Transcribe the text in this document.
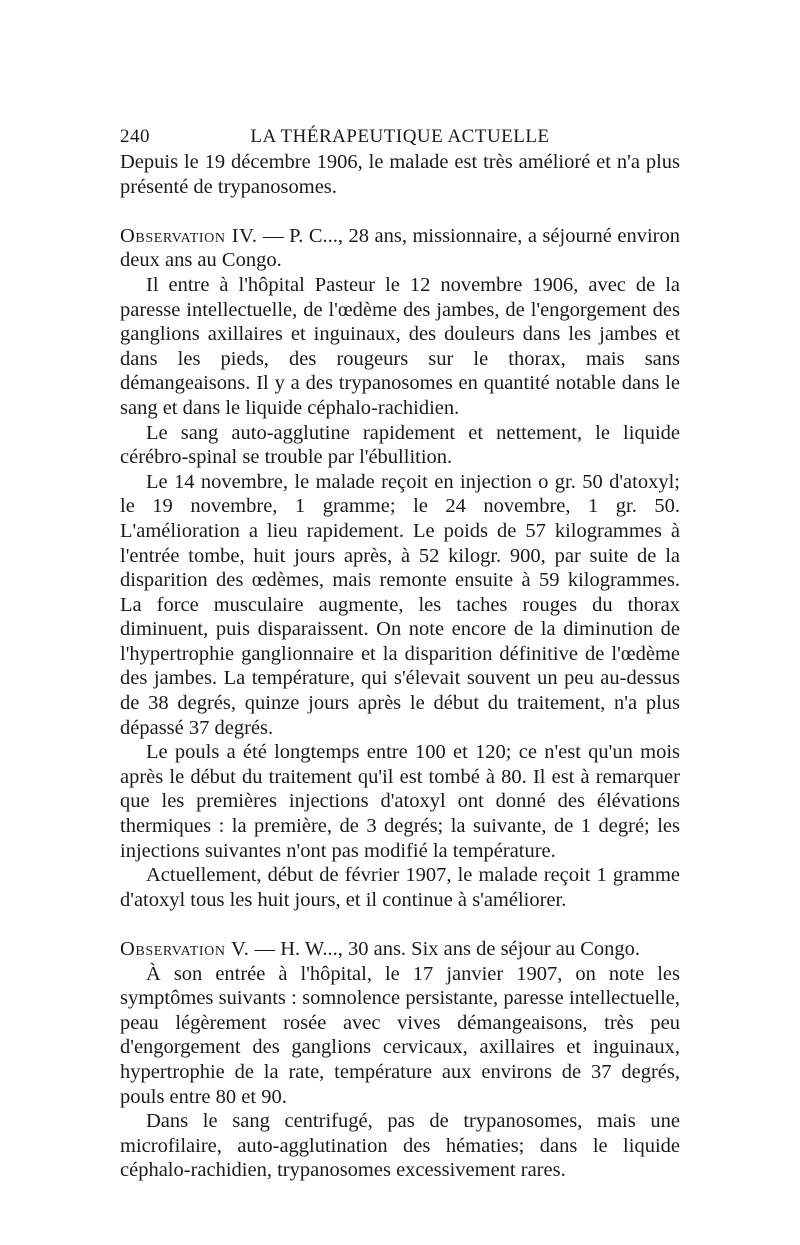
240	LA THÉRAPEUTIQUE ACTUELLE

Depuis le 19 décembre 1906, le malade est très amélioré et n'a plus présenté de trypanosomes.

Observation IV. — P. C..., 28 ans, missionnaire, a séjourné environ deux ans au Congo.

Il entre à l'hôpital Pasteur le 12 novembre 1906, avec de la paresse intellectuelle, de l'œdème des jambes, de l'engorgement des ganglions axillaires et inguinaux, des douleurs dans les jambes et dans les pieds, des rougeurs sur le thorax, mais sans démangeaisons. Il y a des trypanosomes en quantité notable dans le sang et dans le liquide céphalo-rachidien.

Le sang auto-agglutine rapidement et nettement, le liquide cérébro-spinal se trouble par l'ébullition.

Le 14 novembre, le malade reçoit en injection o gr. 50 d'atoxyl; le 19 novembre, 1 gramme; le 24 novembre, 1 gr. 50. L'amélioration a lieu rapidement. Le poids de 57 kilogrammes à l'entrée tombe, huit jours après, à 52 kilogr. 900, par suite de la disparition des œdèmes, mais remonte ensuite à 59 kilogrammes. La force musculaire augmente, les taches rouges du thorax diminuent, puis disparaissent. On note encore de la diminution de l'hypertrophie ganglionnaire et la disparition définitive de l'œdème des jambes. La température, qui s'élevait souvent un peu au-dessus de 38 degrés, quinze jours après le début du traitement, n'a plus dépassé 37 degrés.

Le pouls a été longtemps entre 100 et 120; ce n'est qu'un mois après le début du traitement qu'il est tombé à 80. Il est à remarquer que les premières injections d'atoxyl ont donné des élévations thermiques : la première, de 3 degrés; la suivante, de 1 degré; les injections suivantes n'ont pas modifié la température.

Actuellement, début de février 1907, le malade reçoit 1 gramme d'atoxyl tous les huit jours, et il continue à s'améliorer.

Observation V. — H. W..., 30 ans. Six ans de séjour au Congo.

À son entrée à l'hôpital, le 17 janvier 1907, on note les symptômes suivants : somnolence persistante, paresse intellectuelle, peau légèrement rosée avec vives démangeaisons, très peu d'engorgement des ganglions cervicaux, axillaires et inguinaux, hypertrophie de la rate, température aux environs de 37 degrés, pouls entre 80 et 90.

Dans le sang centrifugé, pas de trypanosomes, mais une microfilaire, auto-agglutination des hématies; dans le liquide céphalo-rachidien, trypanosomes excessivement rares.
